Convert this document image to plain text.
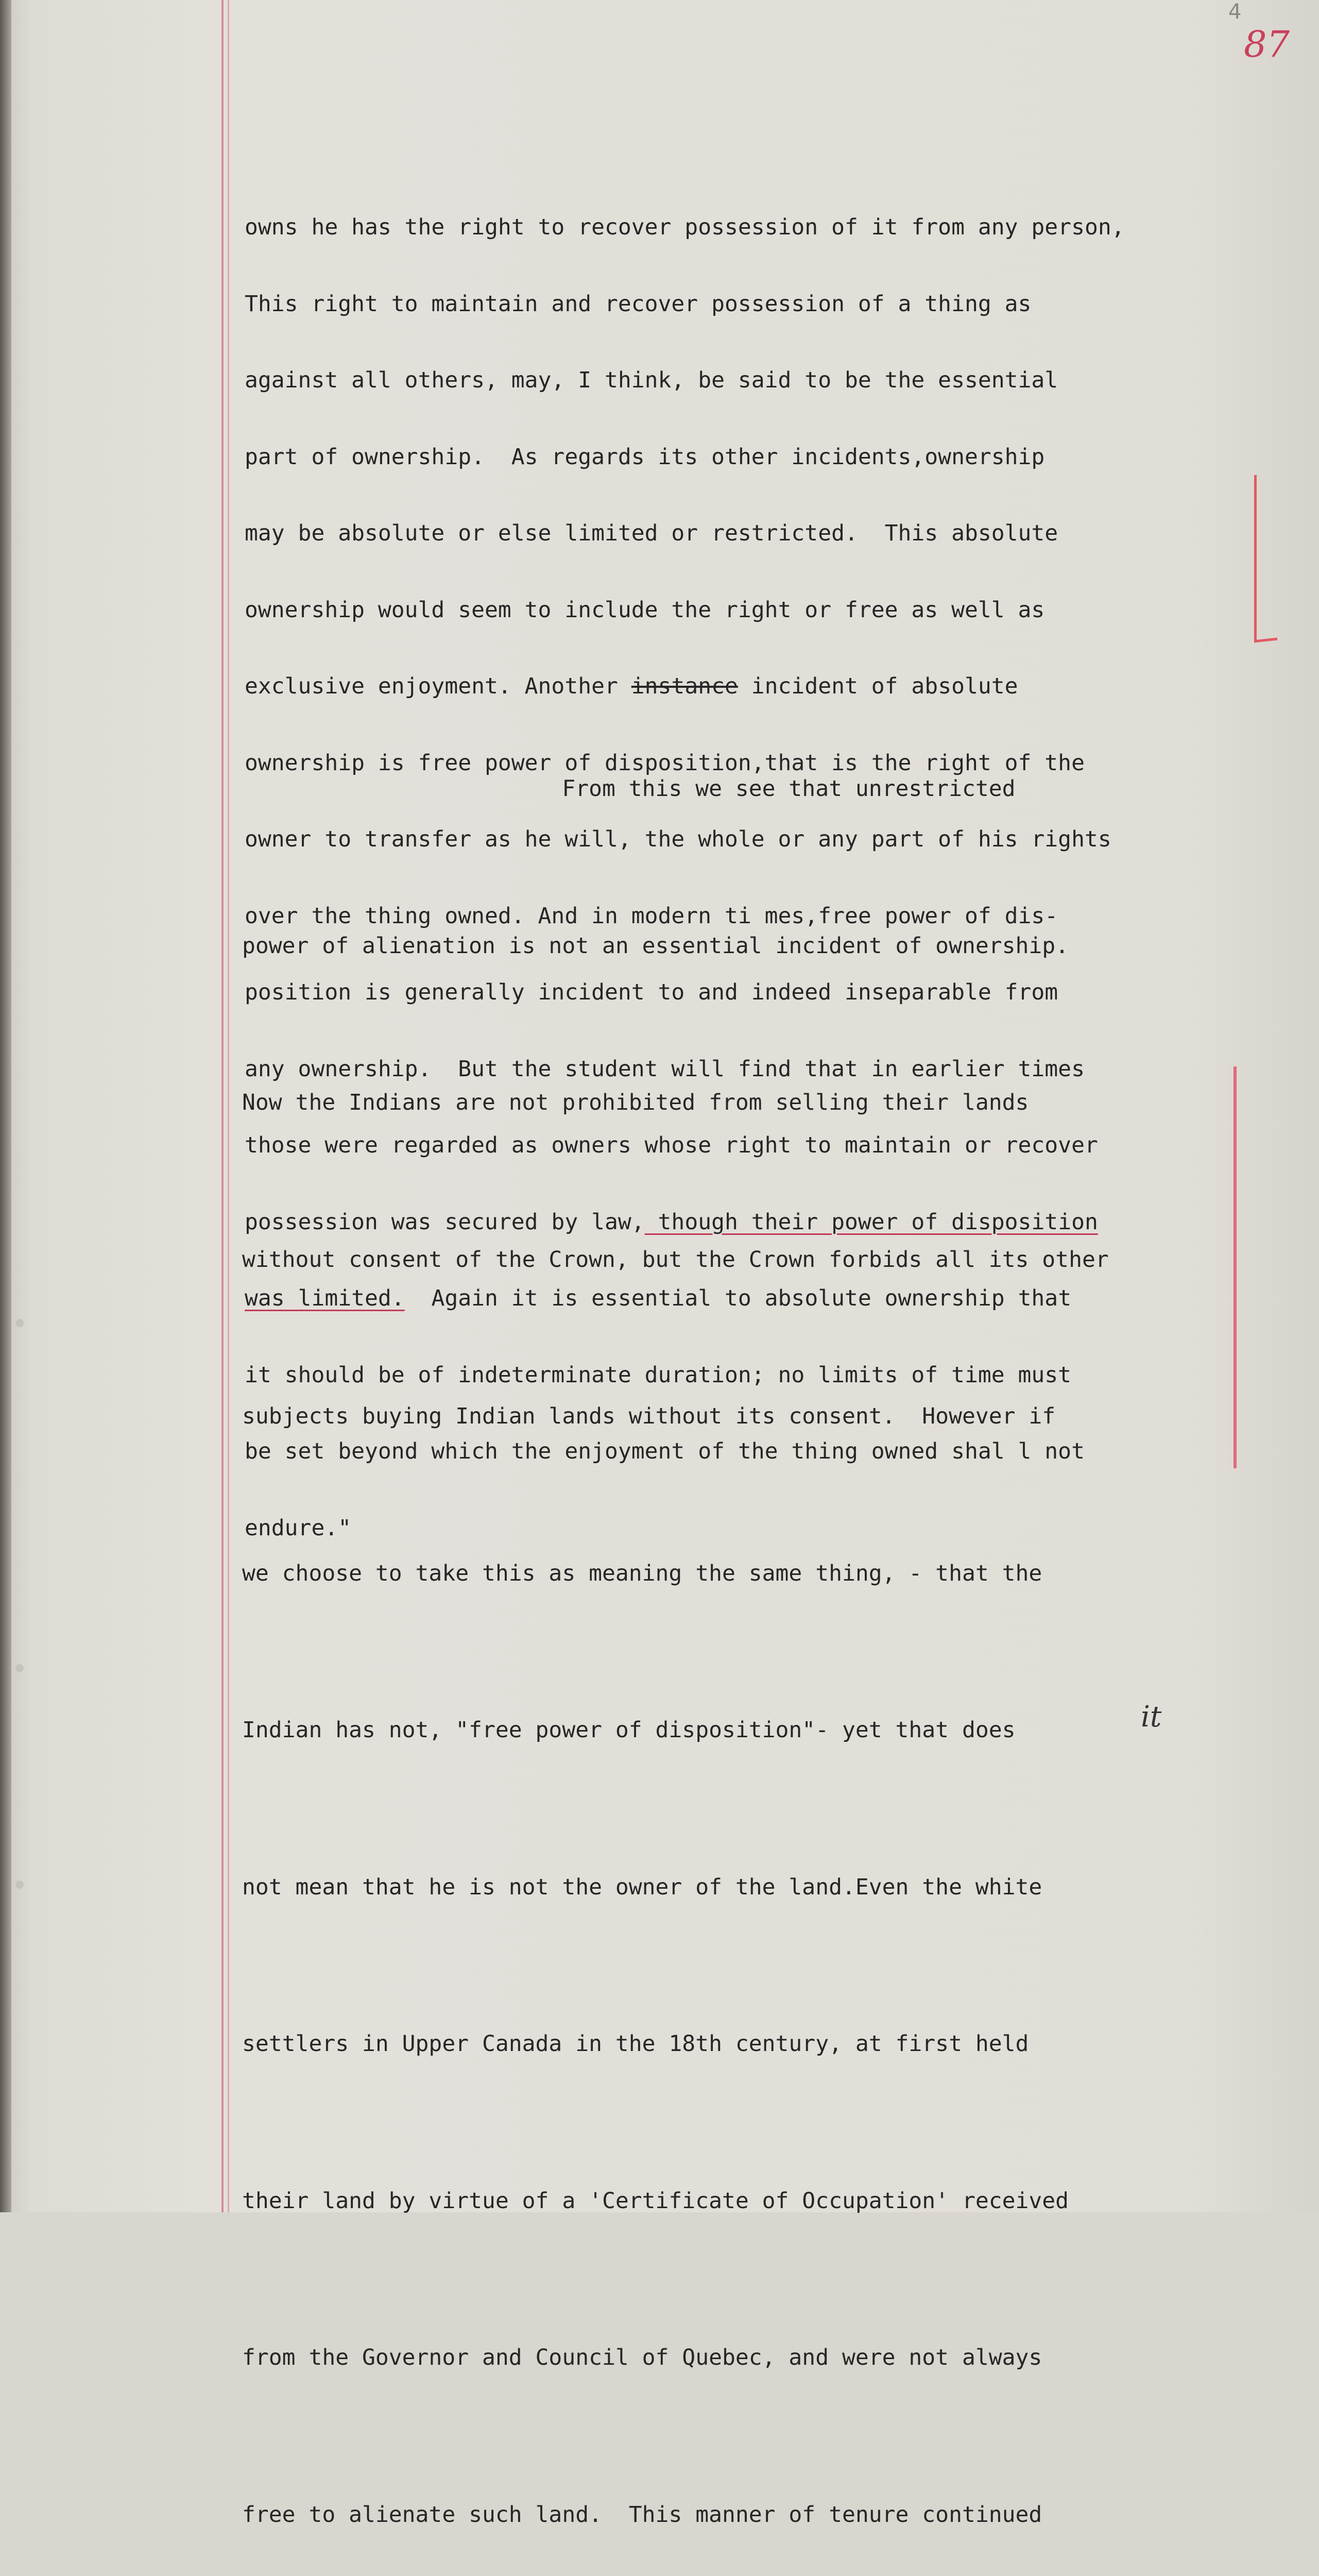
4
87

owns he has the right to recover possession of it from any person,

This right to maintain and recover possession of a thing as

against all others, may, I think, be said to be the essential

part of ownership.  As regards its other incidents,ownership

may be absolute or else limited or restricted.  This absolute

ownership would seem to include the right or free as well as

exclusive enjoyment. Another instance incident of absolute

ownership is free power of disposition,that is the right of the

owner to transfer as he will, the whole or any part of his rights

over the thing owned. And in modern ti mes,free power of dis-

position is generally incident to and indeed inseparable from

any ownership.  But the student will find that in earlier times

those were regarded as owners whose right to maintain or recover

possession was secured by law, though their power of disposition

was limited.  Again it is essential to absolute ownership that

it should be of indeterminate duration; no limits of time must

be set beyond which the enjoyment of the thing owned shal l not

endure."

From this we see that unrestricted

power of alienation is not an essential incident of ownership.

Now the Indians are not prohibited from selling their lands

without consent of the Crown, but the Crown forbids all its other

subjects buying Indian lands without its consent.  However if

we choose to take this as meaning the same thing, - that the

Indian has not, "free power of disposition"- yet that does

not mean that he is not the owner of the land.Even the white

settlers in Upper Canada in the 18th century, at first held

their land by virtue of a 'Certificate of Occupation' received

from the Governor and Council of Quebec, and were not always

free to alienate such land.  This manner of tenure continued

it
